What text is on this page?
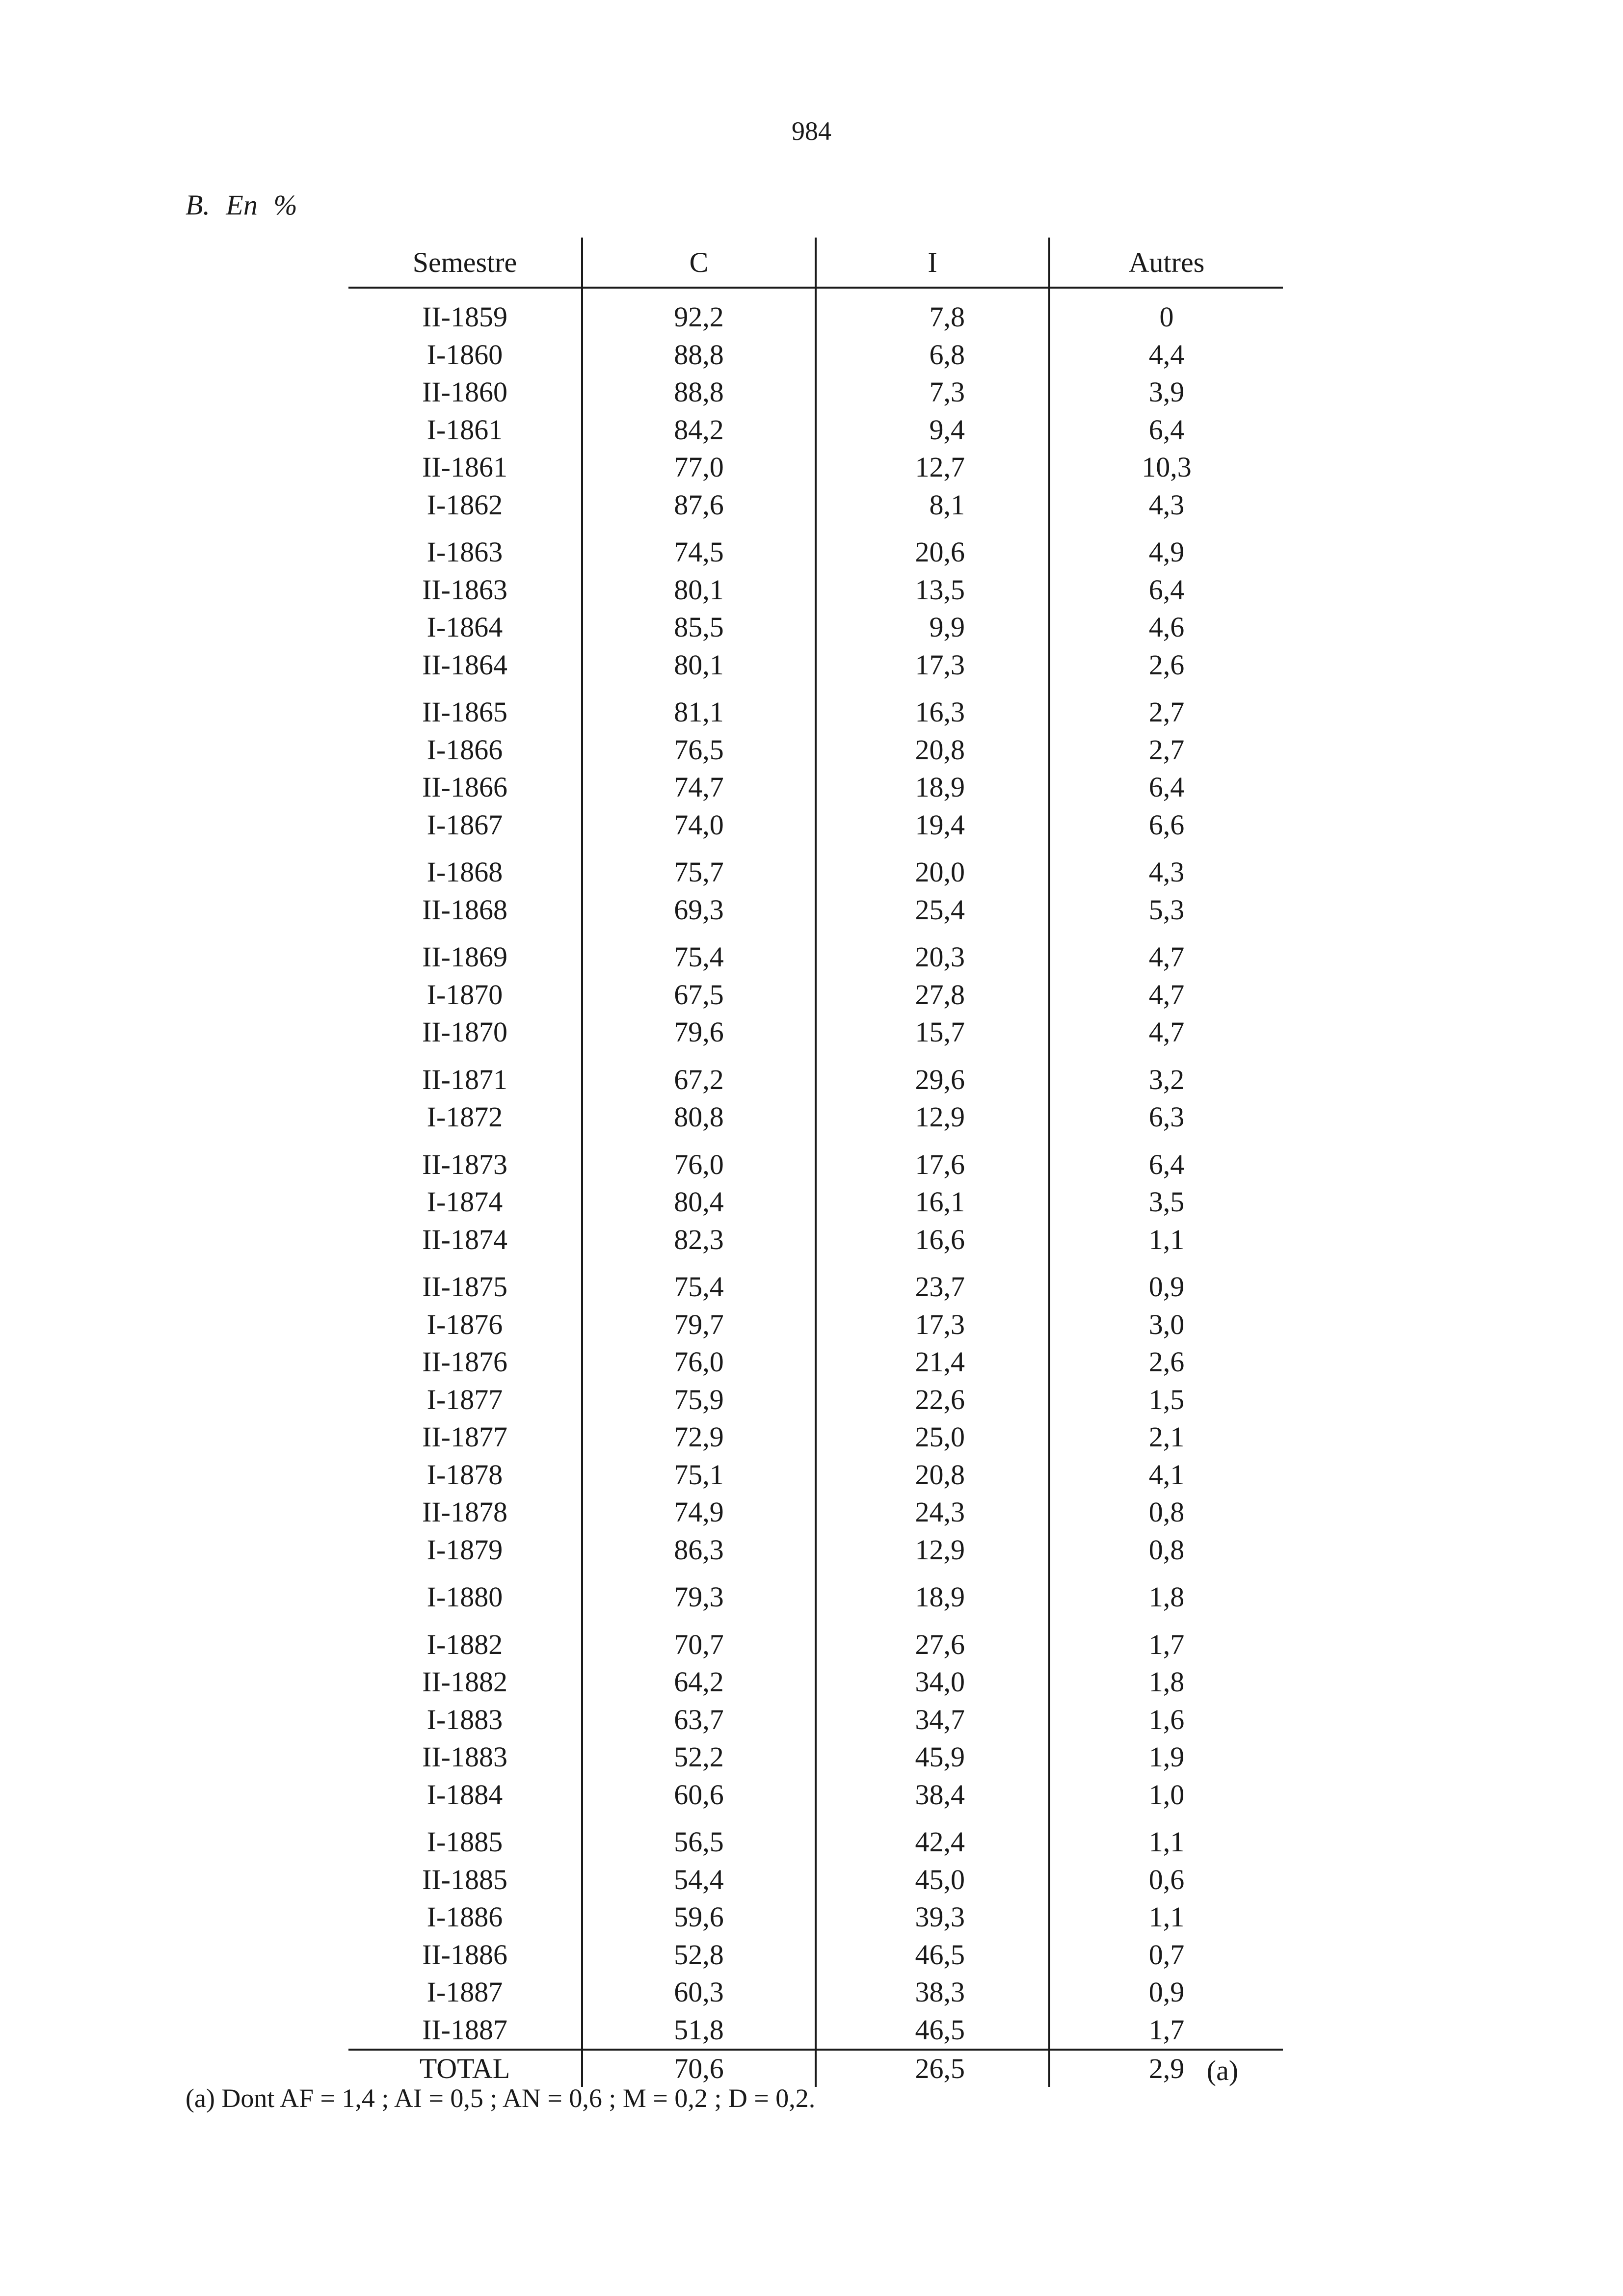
984
B. En %
Semestre	C	I	Autres
II-1859	92,2	7,8	0
I-1860	88,8	6,8	4,4
II-1860	88,8	7,3	3,9
I-1861	84,2	9,4	6,4
II-1861	77,0	12,7	10,3
I-1862	87,6	8,1	4,3
I-1863	74,5	20,6	4,9
II-1863	80,1	13,5	6,4
I-1864	85,5	9,9	4,6
II-1864	80,1	17,3	2,6
II-1865	81,1	16,3	2,7
I-1866	76,5	20,8	2,7
II-1866	74,7	18,9	6,4
I-1867	74,0	19,4	6,6
I-1868	75,7	20,0	4,3
II-1868	69,3	25,4	5,3
II-1869	75,4	20,3	4,7
I-1870	67,5	27,8	4,7
II-1870	79,6	15,7	4,7
II-1871	67,2	29,6	3,2
I-1872	80,8	12,9	6,3
II-1873	76,0	17,6	6,4
I-1874	80,4	16,1	3,5
II-1874	82,3	16,6	1,1
II-1875	75,4	23,7	0,9
I-1876	79,7	17,3	3,0
II-1876	76,0	21,4	2,6
I-1877	75,9	22,6	1,5
II-1877	72,9	25,0	2,1
I-1878	75,1	20,8	4,1
II-1878	74,9	24,3	0,8
I-1879	86,3	12,9	0,8
I-1880	79,3	18,9	1,8
I-1882	70,7	27,6	1,7
II-1882	64,2	34,0	1,8
I-1883	63,7	34,7	1,6
II-1883	52,2	45,9	1,9
I-1884	60,6	38,4	1,0
I-1885	56,5	42,4	1,1
II-1885	54,4	45,0	0,6
I-1886	59,6	39,3	1,1
II-1886	52,8	46,5	0,7
I-1887	60,3	38,3	0,9
II-1887	51,8	46,5	1,7
TOTAL	70,6	26,5	2,9 (a)
(a) Dont AF = 1,4 ; AI = 0,5 ; AN = 0,6 ; M = 0,2 ; D = 0,2.
